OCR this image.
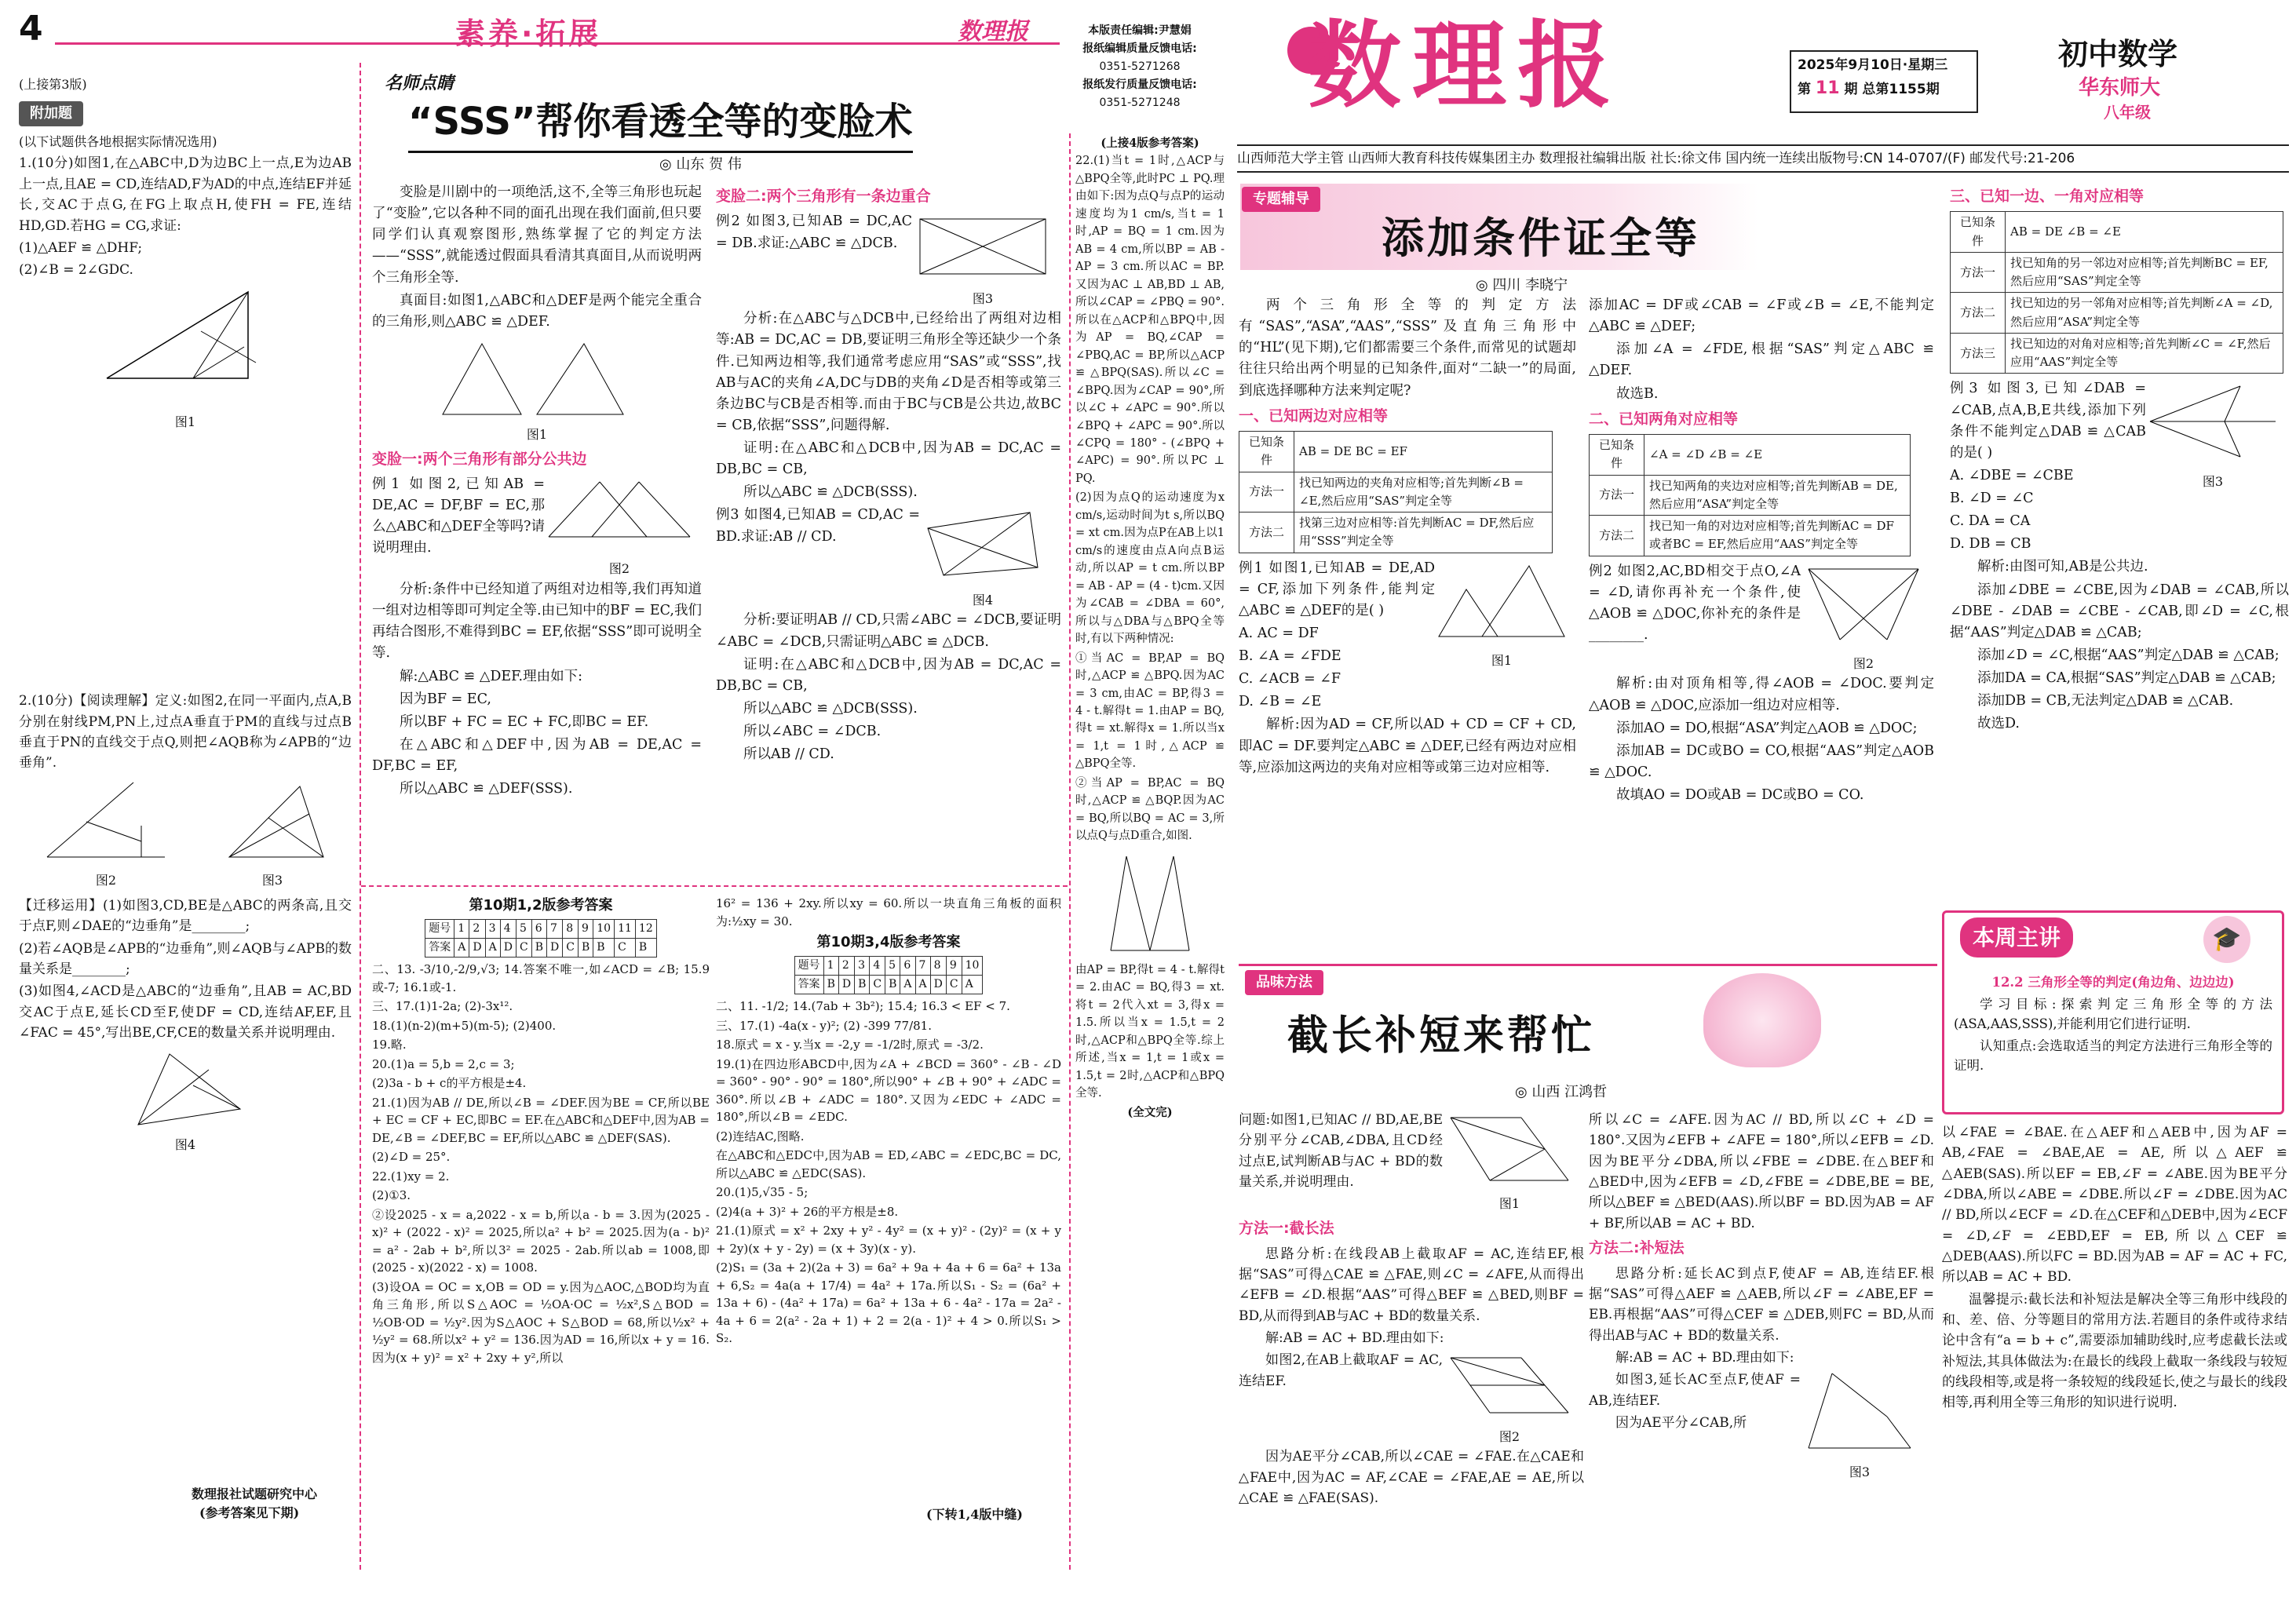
4	素养·拓展	数理报	本版责任编辑:尹慧娟
报纸编辑质量反馈电话:
0351-5271268
报纸发行质量反馈电话:
0351-5271248
(上接第3版)
附加题

(以下试题供各地根据实际情况选用)

1.(10分)如图1,在△ABC中,D为边BC上一点,E为边AB上一点,且AE = CD,连结AD,F为AD的中点,连结EF并延长,交AC于点G,在FG上取点H,使FH = FE,连结HD,GD.若HG = CG,求证:

(1)△AEF ≌ △DHF;

(2)∠B = 2∠GDC.

图1

2.(10分)【阅读理解】定义:如图2,在同一平面内,点A,B分别在射线PM,PN上,过点A垂直于PM的直线与过点B垂直于PN的直线交于点Q,则把∠AQB称为∠APB的“边垂角”.

图2	图3

【迁移运用】(1)如图3,CD,BE是△ABC的两条高,且交于点F,则∠DAE的“边垂角”是________;

(2)若∠AQB是∠APB的“边垂角”,则∠AQB与∠APB的数量关系是________;

(3)如图4,∠ACD是△ABC的“边垂角”,且AB = AC,BD交AC于点E,延长CD至F,使DF = CD,连结AF,EF,且∠FAC = 45°,写出BE,CF,CE的数量关系并说明理由.

图4
数理报社试题研究中心
(参考答案见下期)
名师点睛
“SSS”帮你看透全等的变脸术
◎ 山东 贺 伟

变脸是川剧中的一项绝活,这不,全等三角形也玩起了“变脸”,它以各种不同的面孔出现在我们面前,但只要同学们认真观察图形,熟练掌握了它的判定方法——“SSS”,就能透过假面具看清其真面目,从而说明两个三角形全等.

真面目:如图1,△ABC和△DEF是两个能完全重合的三角形,则△ABC ≌ △DEF.

图1
变脸一:两个三角形有部分公共边

例1 如图2,已知AB = DE,AC = DF,BF = EC,那么△ABC和△DEF全等吗?请说明理由.

图2

分析:条件中已经知道了两组对边相等,我们再知道一组对边相等即可判定全等.由已知中的BF = EC,我们再结合图形,不难得到BC = EF,依据“SSS”即可说明全等.

解:△ABC ≌ △DEF.理由如下:

因为BF = EC,

所以BF + FC = EC + FC,即BC = EF.

在△ABC和△DEF中,因为AB = DE,AC = DF,BC = EF,

所以△ABC ≌ △DEF(SSS).

变脸二:两个三角形有一条边重合

例2 如图3,已知AB = DC,AC = DB.求证:△ABC ≌ △DCB.

图3

分析:在△ABC与△DCB中,已经给出了两组对边相等:AB = DC,AC = DB,要证明三角形全等还缺少一个条件.已知两边相等,我们通常考虑应用“SAS”或“SSS”,找AB与AC的夹角∠A,DC与DB的夹角∠D是否相等或第三条边BC与CB是否相等.而由于BC与CB是公共边,故BC = CB,依据“SSS”,问题得解.

证明:在△ABC和△DCB中,因为AB = DC,AC = DB,BC = CB,

所以△ABC ≌ △DCB(SSS).

例3 如图4,已知AB = CD,AC = BD.求证:AB // CD.

图4

分析:要证明AB // CD,只需∠ABC = ∠DCB,要证明∠ABC = ∠DCB,只需证明△ABC ≌ △DCB.

证明:在△ABC和△DCB中,因为AB = DC,AC = DB,BC = CB,

所以△ABC ≌ △DCB(SSS).

所以∠ABC = ∠DCB.

所以AB // CD.

第10期1,2版参考答案
题号	1	2	3	4	5	6	7	8	9	10	11	12
答案	A	D	A	D	C	B	D	C	B	B	C	B

二、13. -3/10,-2/9,√3; 14.答案不唯一,如∠ACD = ∠B; 15.9或-7; 16.1或-1.

三、17.(1)1-2a; (2)-3x¹².

18.(1)(n-2)(m+5)(m-5); (2)400.

19.略.

20.(1)a = 5,b = 2,c = 3;

(2)3a - b + c的平方根是±4.

21.(1)因为AB // DE,所以∠B = ∠DEF.因为BE = CF,所以BE + EC = CF + EC,即BC = EF.在△ABC和△DEF中,因为AB = DE,∠B = ∠DEF,BC = EF,所以△ABC ≌ △DEF(SAS).

(2)∠D = 25°.

22.(1)xy = 2.

(2)①3.

②设2025 - x = a,2022 - x = b,所以a - b = 3.因为(2025 - x)² + (2022 - x)² = 2025,所以a² + b² = 2025.因为(a - b)² = a² - 2ab + b²,所以3² = 2025 - 2ab.所以ab = 1008,即(2025 - x)(2022 - x) = 1008.

(3)设OA = OC = x,OB = OD = y.因为△AOC,△BOD均为直角三角形,所以S△AOC = ½OA·OC = ½x²,S△BOD = ½OB·OD = ½y².因为S△AOC + S△BOD = 68,所以½x² + ½y² = 68.所以x² + y² = 136.因为AD = 16,所以x + y = 16.因为(x + y)² = x² + 2xy + y²,所以

16² = 136 + 2xy.所以xy = 60.所以一块直角三角板的面积为:½xy = 30.

第10期3,4版参考答案
题号	1	2	3	4	5	6	7	8	9	10
答案	B	D	B	C	B	A	A	D	C	A

二、11. -1/2; 14.(7ab + 3b²); 15.4; 16.3 < EF < 7.

三、17.(1) -4a(x - y)²; (2) -399 77/81.

18.原式 = x - y.当x = -2,y = -1/2时,原式 = -3/2.

19.(1)在四边形ABCD中,因为∠A + ∠BCD = 360° - ∠B - ∠D = 360° - 90° - 90° = 180°,所以90° + ∠B + 90° + ∠ADC = 360°.所以∠B + ∠ADC = 180°.又因为∠EDC + ∠ADC = 180°,所以∠B = ∠EDC.

(2)连结AC,图略.

在△ABC和△EDC中,因为AB = ED,∠ABC = ∠EDC,BC = DC,所以△ABC ≌ △EDC(SAS).

20.(1)5,√35 - 5;

(2)4(a + 3)² + 26的平方根是±8.

21.(1)原式 = x² + 2xy + y² - 4y² = (x + y)² - (2y)² = (x + y + 2y)(x + y - 2y) = (x + 3y)(x - y).

(2)S₁ = (3a + 2)(2a + 3) = 6a² + 9a + 4a + 6 = 6a² + 13a + 6,S₂ = 4a(a + 17/4) = 4a² + 17a.所以S₁ - S₂ = (6a² + 13a + 6) - (4a² + 17a) = 6a² + 13a + 6 - 4a² - 17a = 2a² - 4a + 6 = 2(a² - 2a + 1) + 2 = 2(a - 1)² + 4 > 0.所以S₁ > S₂.

(下转1,4版中缝)
(上接4版参考答案)

22.(1)当t = 1时,△ACP与△BPQ全等,此时PC ⊥ PQ.理由如下:因为点Q与点P的运动速度均为1 cm/s,当t = 1时,AP = BQ = 1 cm.因为AB = 4 cm,所以BP = AB - AP = 3 cm.所以AC = BP.又因为AC ⊥ AB,BD ⊥ AB,所以∠CAP = ∠PBQ = 90°.所以在△ACP和△BPQ中,因为AP = BQ,∠CAP = ∠PBQ,AC = BP,所以△ACP ≌ △BPQ(SAS).所以∠C = ∠BPQ.因为∠CAP = 90°,所以∠C + ∠APC = 90°.所以∠BPQ + ∠APC = 90°.所以∠CPQ = 180° - (∠BPQ + ∠APC) = 90°.所以PC ⊥ PQ.

(2)因为点Q的运动速度为x cm/s,运动时间为t s,所以BQ = xt cm.因为点P在AB上以1 cm/s的速度由点A向点B运动,所以AP = t cm.所以BP = AB - AP = (4 - t)cm.又因为∠CAB = ∠DBA = 60°,所以与△DBA与△BPQ全等时,有以下两种情况:

①当AC = BP,AP = BQ时,△ACP ≌ △BPQ.因为AC = 3 cm,由AC = BP,得3 = 4 - t.解得t = 1.由AP = BQ,得t = xt.解得x = 1.所以当x = 1,t = 1时,△ACP ≌ △BPQ全等.

②当AP = BP,AC = BQ时,△ACP ≌ △BQP.因为AC = BQ,所以BQ = AC = 3,所以点Q与点D重合,如图.

由AP = BP,得t = 4 - t.解得t = 2.由AC = BQ,得3 = xt.将t = 2代入xt = 3,得x = 1.5.所以当x = 1.5,t = 2时,△ACP和△BPQ全等.综上所述,当x = 1,t = 1或x = 1.5,t = 2时,△ACP和△BPQ全等.

(全文完)
数理报	2025年9月10日·星期三
第 11 期 总第1155期
初中数学
华东师大
八年级
山西师范大学主管 山西师大教育科技传媒集团主办 数理报社编辑出版 社长:徐文伟 国内统一连续出版物号:CN 14-0707/(F) 邮发代号:21-206
专题辅导
添加条件证全等
◎ 四川 李晓宁

两个三角形全等的判定方法有“SAS”,“ASA”,“AAS”,“SSS”及直角三角形中的“HL”(见下期),它们都需要三个条件,而常见的试题却往往只给出两个明显的已知条件,面对“二缺一”的局面,到底选择哪种方法来判定呢?

一、已知两边对应相等
已知条件	AB = DE BC = EF
方法一	找已知两边的夹角对应相等;首先判断∠B = ∠E,然后应用“SAS”判定全等
方法二	找第三边对应相等:首先判断AC = DF,然后应用“SSS”判定全等

例1 如图1,已知AB = DE,AD = CF,添加下列条件,能判定△ABC ≌ △DEF的是( )

A. AC = DF

B. ∠A = ∠FDE

C. ∠ACB = ∠F

D. ∠B = ∠E

图1

解析:因为AD = CF,所以AD + CD = CF + CD,即AC = DF.要判定△ABC ≌ △DEF,已经有两边对应相等,应添加这两边的夹角对应相等或第三边对应相等.

添加AC = DF或∠CAB = ∠F或∠B = ∠E,不能判定△ABC ≌ △DEF;

添加∠A = ∠FDE,根据“SAS”判定△ABC ≌ △DEF.

故选B.

二、已知两角对应相等
已知条件	∠A = ∠D ∠B = ∠E
方法一	找已知两角的夹边对应相等;首先判断AB = DE,然后应用“ASA”判定全等
方法二	找已知一角的对边对应相等;首先判断AC = DF或者BC = EF,然后应用“AAS”判定全等

例2 如图2,AC,BD相交于点O,∠A = ∠D,请你再补充一个条件,使△AOB ≌ △DOC,你补充的条件是________.

图2

解析:由对顶角相等,得∠AOB = ∠DOC.要判定△AOB ≌ △DOC,应添加一组边对应相等.

添加AO = DO,根据“ASA”判定△AOB ≌ △DOC;

添加AB = DC或BO = CO,根据“AAS”判定△AOB ≌ △DOC.

故填AO = DO或AB = DC或BO = CO.

三、已知一边、一角对应相等
已知条件	AB = DE ∠B = ∠E
方法一	找已知角的另一邻边对应相等;首先判断BC = EF,然后应用“SAS”判定全等
方法二	找已知边的另一邻角对应相等;首先判断∠A = ∠D,然后应用“ASA”判定全等
方法三	找已知边的对角对应相等;首先判断∠C = ∠F,然后应用“AAS”判定全等

例3 如图3,已知∠DAB = ∠CAB,点A,B,E共线,添加下列条件不能判定△DAB ≌ △CAB的是( )

A. ∠DBE = ∠CBE

B. ∠D = ∠C

C. DA = CA

D. DB = CB

图3

解析:由图可知,AB是公共边.

添加∠DBE = ∠CBE,因为∠DAB = ∠CAB,所以∠DBE - ∠DAB = ∠CBE - ∠CAB,即∠D = ∠C,根据“AAS”判定△DAB ≌ △CAB;

添加∠D = ∠C,根据“AAS”判定△DAB ≌ △CAB;

添加DA = CA,根据“SAS”判定△DAB ≌ △CAB;

添加DB = CB,无法判定△DAB ≌ △CAB.

故选D.

本周主讲	🎓

12.2 三角形全等的判定(角边角、边边边)

学习目标:探索判定三角形全等的方法(ASA,AAS,SSS),并能利用它们进行证明.

认知重点:会选取适当的判定方法进行三角形全等的证明.

品味方法
截长补短来帮忙
◎ 山西 江鸿哲

问题:如图1,已知AC // BD,AE,BE分别平分∠CAB,∠DBA,且CD经过点E,试判断AB与AC + BD的数量关系,并说明理由.

图1
方法一:截长法

思路分析:在线段AB上截取AF = AC,连结EF,根据“SAS”可得△CAE ≌ △FAE,则∠C = ∠AFE,从而得出∠EFB = ∠D.根据“AAS”可得△BEF ≌ △BED,则BF = BD,从而得到AB与AC + BD的数量关系.

解:AB = AC + BD.理由如下:

如图2,在AB上截取AF = AC,连结EF.

图2

因为AE平分∠CAB,所以∠CAE = ∠FAE.在△CAE和△FAE中,因为AC = AF,∠CAE = ∠FAE,AE = AE,所以△CAE ≌ △FAE(SAS).

所以∠C = ∠AFE.因为AC // BD,所以∠C + ∠D = 180°.又因为∠EFB + ∠AFE = 180°,所以∠EFB = ∠D.因为BE平分∠DBA,所以∠FBE = ∠DBE.在△BEF和△BED中,因为∠EFB = ∠D,∠FBE = ∠DBE,BE = BE,所以△BEF ≌ △BED(AAS).所以BF = BD.因为AB = AF + BF,所以AB = AC + BD.

方法二:补短法

思路分析:延长AC到点F,使AF = AB,连结EF.根据“SAS”可得△AEF ≌ △AEB,所以∠F = ∠ABE,EF = EB.再根据“AAS”可得△CEF ≌ △DEB,则FC = BD,从而得出AB与AC + BD的数量关系.

解:AB = AC + BD.理由如下:

如图3,延长AC至点F,使AF = AB,连结EF.

因为AE平分∠CAB,所

图3

以∠FAE = ∠BAE.在△AEF和△AEB中,因为AF = AB,∠FAE = ∠BAE,AE = AE,所以△AEF ≌ △AEB(SAS).所以EF = EB,∠F = ∠ABE.因为BE平分∠DBA,所以∠ABE = ∠DBE.所以∠F = ∠DBE.因为AC // BD,所以∠ECF = ∠D.在△CEF和△DEB中,因为∠ECF = ∠D,∠F = ∠EBD,EF = EB,所以△CEF ≌ △DEB(AAS).所以FC = BD.因为AB = AF = AC + FC,所以AB = AC + BD.

温馨提示:截长法和补短法是解决全等三角形中线段的和、差、倍、分等题目的常用方法.若题目的条件或待求结论中含有“a = b + c”,需要添加辅助线时,应考虑截长法或补短法,其具体做法为:在最长的线段上截取一条线段与较短的线段相等,或是将一条较短的线段延长,使之与最长的线段相等,再利用全等三角形的知识进行说明.
